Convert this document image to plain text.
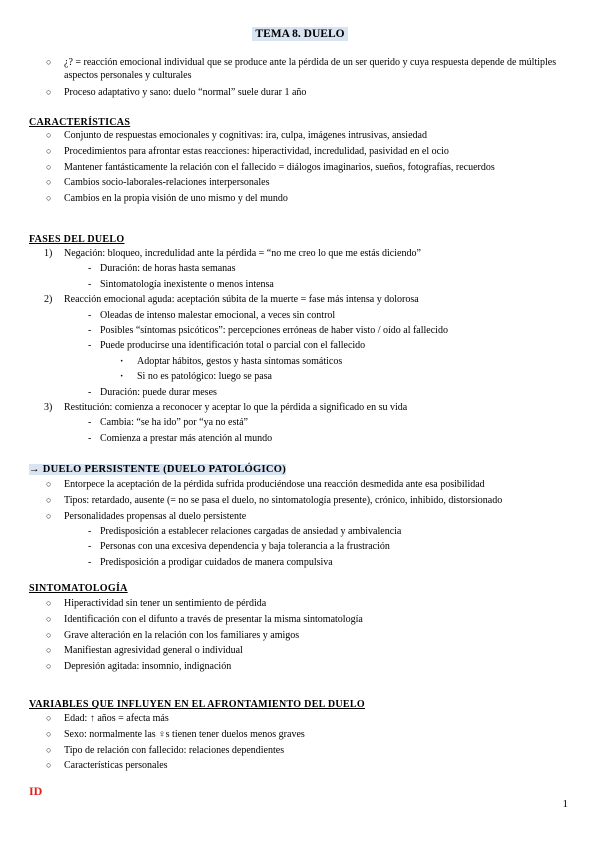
TEMA 8. DUELO
○ ¿? = reacción emocional individual que se produce ante la pérdida de un ser querido y cuya respuesta depende de múltiples aspectos personales y culturales
○ Proceso adaptativo y sano: duelo “normal” suele durar 1 año
CARACTERÍSTICAS
○ Conjunto de respuestas emocionales y cognitivas: ira, culpa, imágenes intrusivas, ansiedad
○ Procedimientos para afrontar estas reacciones: hiperactividad, incredulidad, pasividad en el ocio
○ Mantener fantásticamente la relación con el fallecido = diálogos imaginarios, sueños, fotografías, recuerdos
○ Cambios socio-laborales-relaciones interpersonales
○ Cambios en la propia visión de uno mismo y del mundo
FASES DEL DUELO
1) Negación: bloqueo, incredulidad ante la pérdida = “no me creo lo que me estás diciendo”
- Duración: de horas hasta semanas
- Sintomatología inexistente o menos intensa
2) Reacción emocional aguda: aceptación súbita de la muerte = fase más intensa y dolorosa
- Oleadas de intenso malestar emocional, a veces sin control
- Posibles “síntomas psicóticos”: percepciones erróneas de haber visto / oído al fallecido
- Puede producirse una identificación total o parcial con el fallecido
· Adoptar hábitos, gestos y hasta síntomas somáticos
· Si no es patológico: luego se pasa
- Duración: puede durar meses
3) Restitución: comienza a reconocer y aceptar lo que la pérdida a significado en su vida
- Cambia: “se ha ido” por “ya no está”
- Comienza a prestar más atención al mundo
→ DUELO PERSISTENTE (DUELO PATOLÓGICO)
○ Entorpece la aceptación de la pérdida sufrida produciéndose una reacción desmedida ante esa posibilidad
○ Tipos: retardado, ausente (= no se pasa el duelo, no sintomatología presente), crónico, inhibido, distorsionado
○ Personalidades propensas al duelo persistente
- Predisposición a establecer relaciones cargadas de ansiedad y ambivalencia
- Personas con una excesiva dependencia y baja tolerancia a la frustración
- Predisposición a prodigar cuidados de manera compulsiva
SINTOMATOLOGÍA
○ Hiperactividad sin tener un sentimiento de pérdida
○ Identificación con el difunto a través de presentar la misma sintomatología
○ Grave alteración en la relación con los familiares y amigos
○ Manifiestan agresividad general o individual
○ Depresión agitada: insomnio, indignación
VARIABLES QUE INFLUYEN EN EL AFRONTAMIENTO DEL DUELO
○ Edad: ↑ años = afecta más
○ Sexo: normalmente las ♀s tienen tener duelos menos graves
○ Tipo de relación con fallecido: relaciones dependientes
○ Características personales
ID
1
